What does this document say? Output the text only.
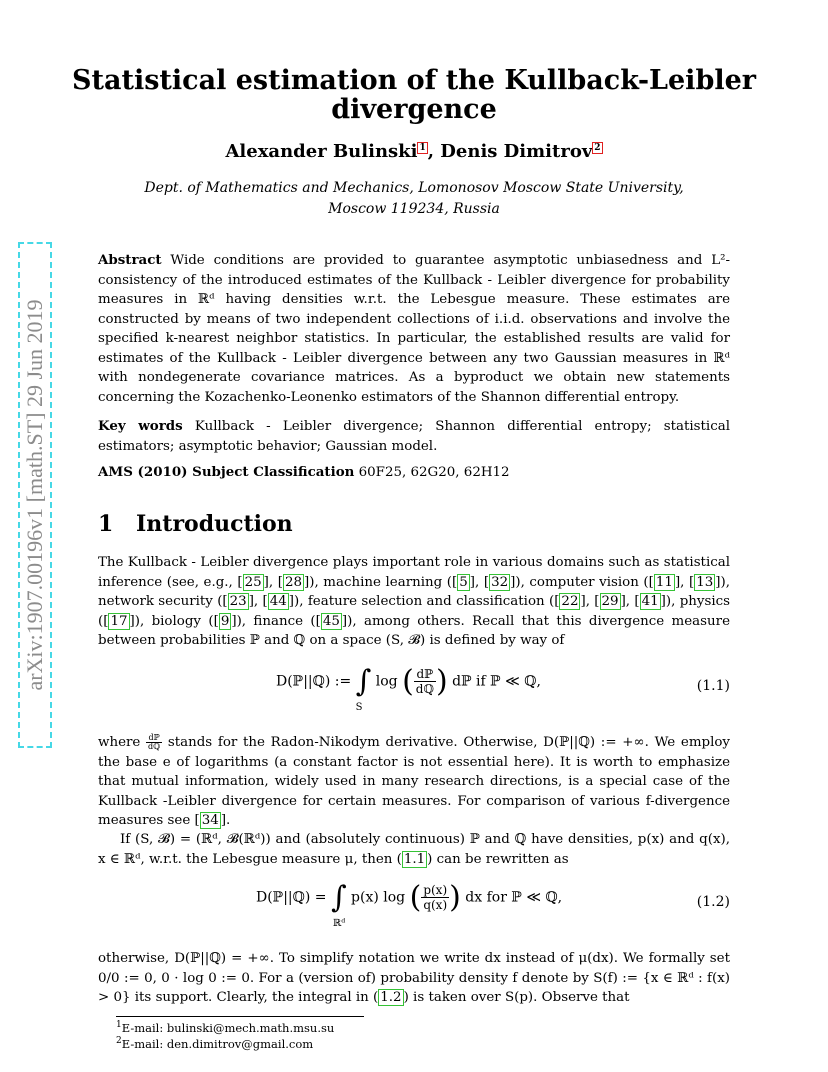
arXiv:1907.00196v1 [math.ST] 29 Jun 2019
Statistical estimation of the Kullback-Leibler divergence
Alexander Bulinski $^1$ , Denis Dimitrov $^2$
Dept. of Mathematics and Mechanics, Lomonosov Moscow State University,
Moscow 119234, Russia
Abstract Wide conditions are provided to guarantee asymptotic unbiasedness and L²-consistency of the introduced estimates of the Kullback - Leibler divergence for probability measures in ℝᵈ having densities w.r.t. the Lebesgue measure. These estimates are constructed by means of two independent collections of i.i.d. observations and involve the specified k-nearest neighbor statistics. In particular, the established results are valid for estimates of the Kullback - Leibler divergence between any two Gaussian measures in ℝᵈ with nondegenerate covariance matrices. As a byproduct we obtain new statements concerning the Kozachenko-Leonenko estimators of the Shannon differential entropy.
Key words Kullback - Leibler divergence; Shannon differential entropy; statistical estimators; asymptotic behavior; Gaussian model.
AMS (2010) Subject Classification 60F25, 62G20, 62H12
1 Introduction
The Kullback - Leibler divergence plays important role in various domains such as statistical inference (see, e.g., [ 25 ], [ 28 ]), machine learning ([ 5 ], [ 32 ]), computer vision ([ 11 ], [ 13 ]), network security ([ 23 ], [ 44 ]), feature selection and classification ([ 22 ], [ 29 ], [ 41 ]), physics ([ 17 ]), biology ([ 9 ]), finance ([ 45 ]), among others. Recall that this divergence measure between probabilities ℙ and ℚ on a space (S, 𝓑) is defined by way of
D(ℙ||ℚ) := ∫
S
log ( $\frac{\text{dℙ}}{\text{dℚ}}$ ) dℙ if ℙ ≪ ℚ,	(1.1)
where $\frac{\text{dℙ}}{\text{dℚ}}$ stands for the Radon-Nikodym derivative. Otherwise, D(ℙ||ℚ) := +∞. We employ the base e of logarithms (a constant factor is not essential here). It is worth to emphasize that mutual information, widely used in many research directions, is a special case of the Kullback -Leibler divergence for certain measures. For comparison of various f-divergence measures see [ 34 ].
If (S, 𝓑) = (ℝᵈ, 𝓑(ℝᵈ)) and (absolutely continuous) ℙ and ℚ have densities, p(x) and q(x), x ∈ ℝᵈ, w.r.t. the Lebesgue measure μ, then ( 1.1 ) can be rewritten as
D(ℙ||ℚ) = ∫
ℝᵈ
p(x) log ( $\frac{p(x)}{q(x)}$ ) dx for ℙ ≪ ℚ,	(1.2)
otherwise, D(ℙ||ℚ) = +∞. To simplify notation we write dx instead of μ(dx). We formally set 0/0 := 0, 0 · log 0 := 0. For a (version of) probability density f denote by S(f) := {x ∈ ℝᵈ : f(x) > 0} its support. Clearly, the integral in ( 1.2 ) is taken over S(p). Observe that
$^1$E-mail: bulinski@mech.math.msu.su
$^2$E-mail: den.dimitrov@gmail.com
